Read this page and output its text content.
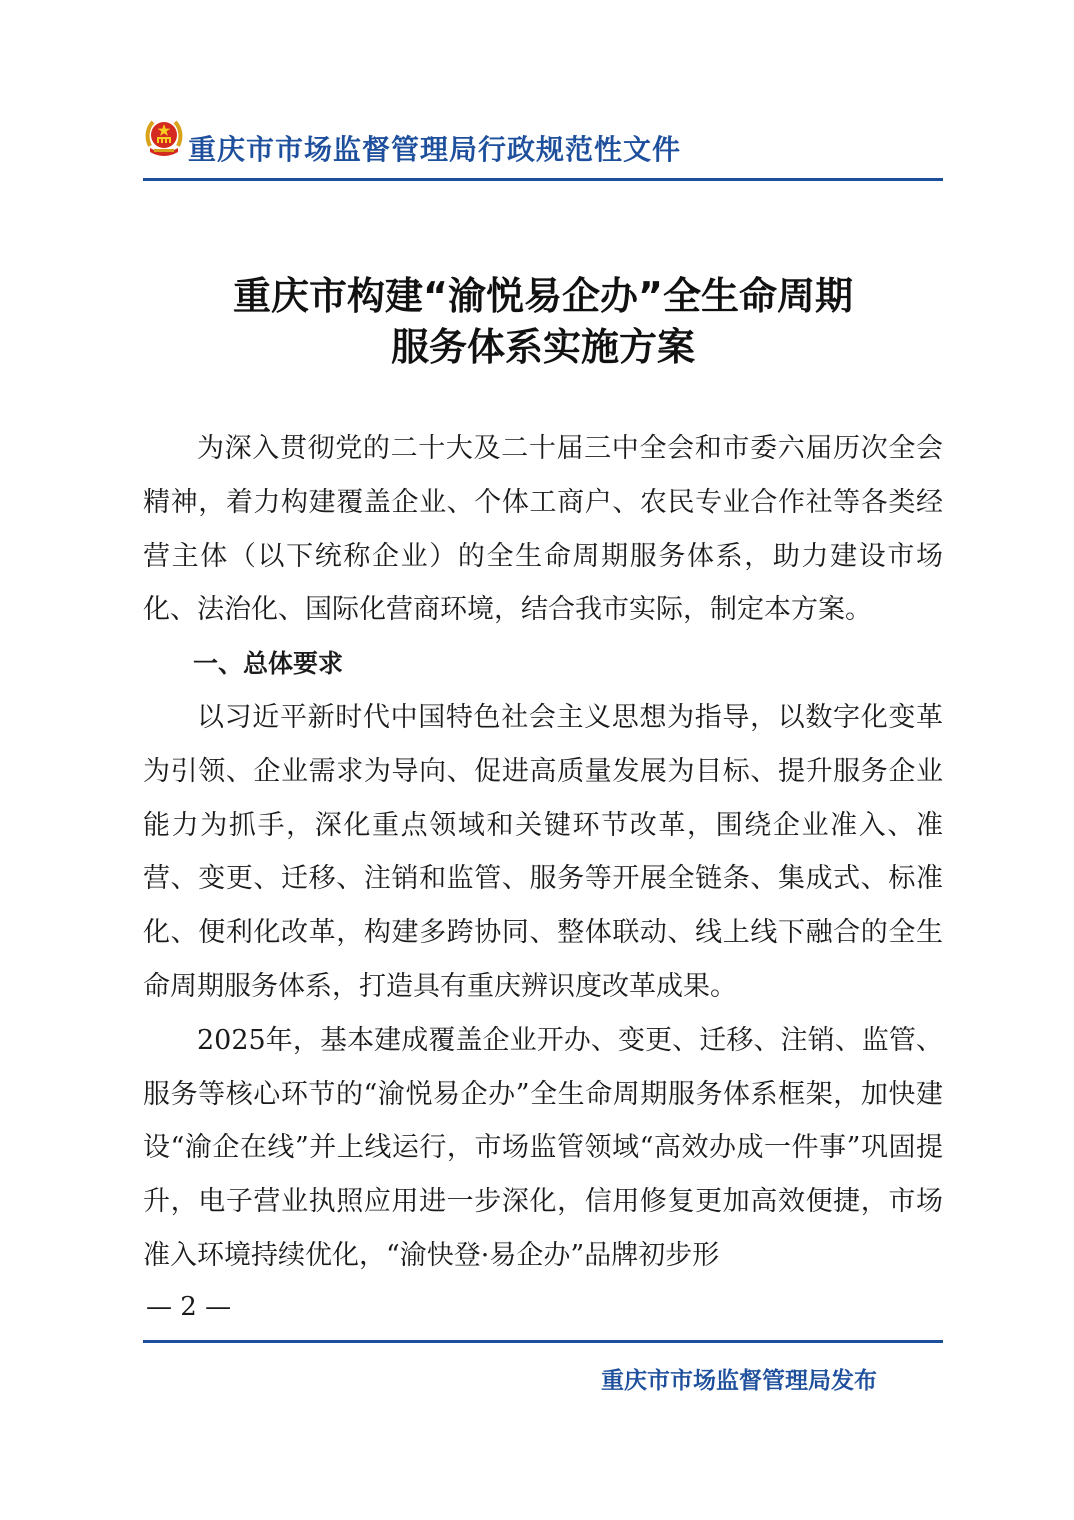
重庆市市场监督管理局行政规范性文件
重庆市构建“渝悦易企办”全生命周期
服务体系实施方案

为深入贯彻党的二十大及二十届三中全会和市委六届历次全会精神，着力构建覆盖企业、个体工商户、农民专业合作社等各类经营主体（以下统称企业）的全生命周期服务体系，助力建设市场化、法治化、国际化营商环境，结合我市实际，制定本方案。

一、总体要求

以习近平新时代中国特色社会主义思想为指导，以数字化变革为引领、企业需求为导向、促进高质量发展为目标、提升服务企业能力为抓手，深化重点领域和关键环节改革，围绕企业准入、准营、变更、迁移、注销和监管、服务等开展全链条、集成式、标准化、便利化改革，构建多跨协同、整体联动、线上线下融合的全生命周期服务体系，打造具有重庆辨识度改革成果。

2025年，基本建成覆盖企业开办、变更、迁移、注销、监管、服务等核心环节的“渝悦易企办”全生命周期服务体系框架，加快建设“渝企在线”并上线运行，市场监管领域“高效办成一件事”巩固提升，电子营业执照应用进一步深化，信用修复更加高效便捷，市场准入环境持续优化，“渝快登·易企办”品牌初步形

— 2 —
重庆市市场监督管理局发布
